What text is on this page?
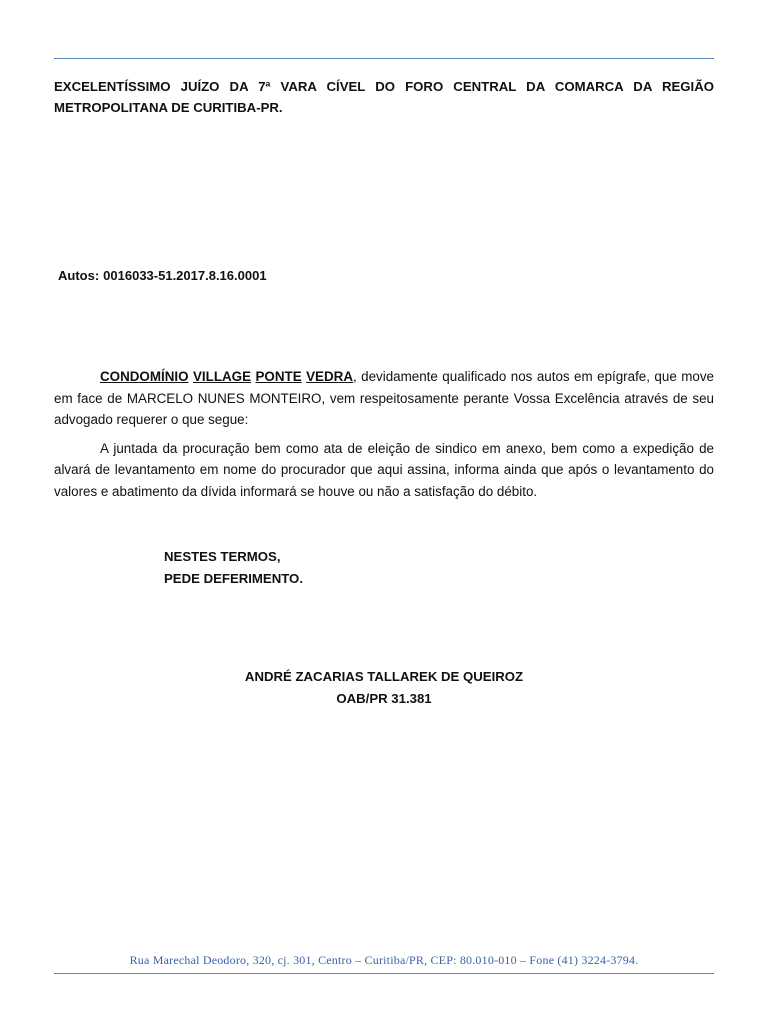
EXCELENTÍSSIMO JUÍZO DA 7ª VARA CÍVEL DO FORO CENTRAL DA COMARCA DA REGIÃO METROPOLITANA DE CURITIBA-PR.

Autos: 0016033-51.2017.8.16.0001

CONDOMÍNIO VILLAGE PONTE VEDRA, devidamente qualificado nos autos em epígrafe, que move em face de MARCELO NUNES MONTEIRO, vem respeitosamente perante Vossa Excelência através de seu advogado requerer o que segue:

A juntada da procuração bem como ata de eleição de sindico em anexo, bem como a expedição de alvará de levantamento em nome do procurador que aqui assina, informa ainda que após o levantamento do valores e abatimento da dívida informará se houve ou não a satisfação do débito.

NESTES TERMOS,
PEDE DEFERIMENTO.
ANDRÉ ZACARIAS TALLAREK DE QUEIROZ
OAB/PR 31.381
Rua Marechal Deodoro, 320, cj. 301, Centro – Curitiba/PR, CEP: 80.010-010 – Fone (41) 3224-3794.
